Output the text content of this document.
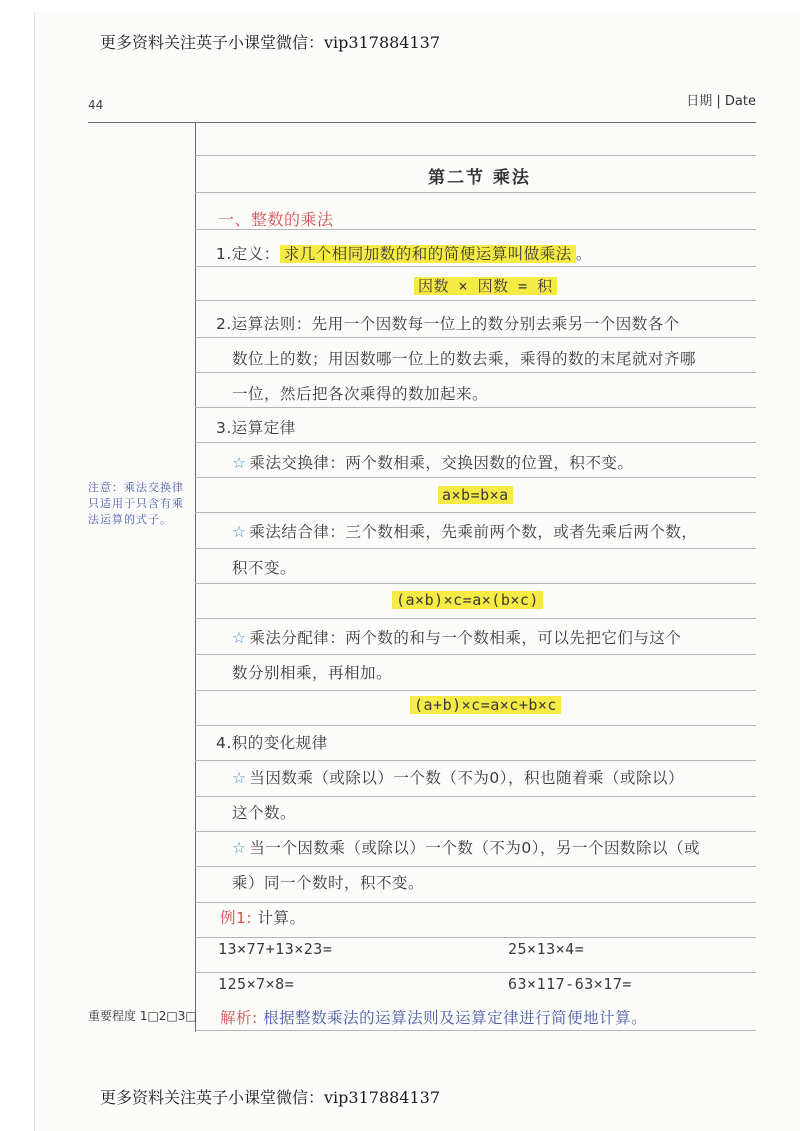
更多资料关注英子小课堂微信：vip317884137
44	日期 | Date
第二节 乘法
一、整数的乘法
1.定义： 求几个相同加数的和的简便运算叫做乘法 。
因数 × 因数 = 积
2.运算法则：先用一个因数每一位上的数分别去乘另一个因数各个
数位上的数；用因数哪一位上的数去乘，乘得的数的末尾就对齐哪
一位，然后把各次乘得的数加起来。
3.运算定律
☆ 乘法交换律：两个数相乘，交换因数的位置，积不变。
a×b=b×a
☆ 乘法结合律：三个数相乘，先乘前两个数，或者先乘后两个数，
积不变。
(a×b)×c=a×(b×c)
☆ 乘法分配律：两个数的和与一个数相乘，可以先把它们与这个
数分别相乘，再相加。
(a+b)×c=a×c+b×c
4.积的变化规律
☆ 当因数乘（或除以）一个数（不为0），积也随着乘（或除以）
这个数。
☆ 当一个因数乘（或除以）一个数（不为0），另一个因数除以（或
乘）同一个数时，积不变。
例1: 计算。
13×77+13×23=	25×13×4=
125×7×8=	63×117-63×17=
解析: 根据整数乘法的运算法则及运算定律进行简便地计算。
注意：乘法交换律只适用于只含有乘法运算的式子。
重要程度 1□2□3□
更多资料关注英子小课堂微信：vip317884137
